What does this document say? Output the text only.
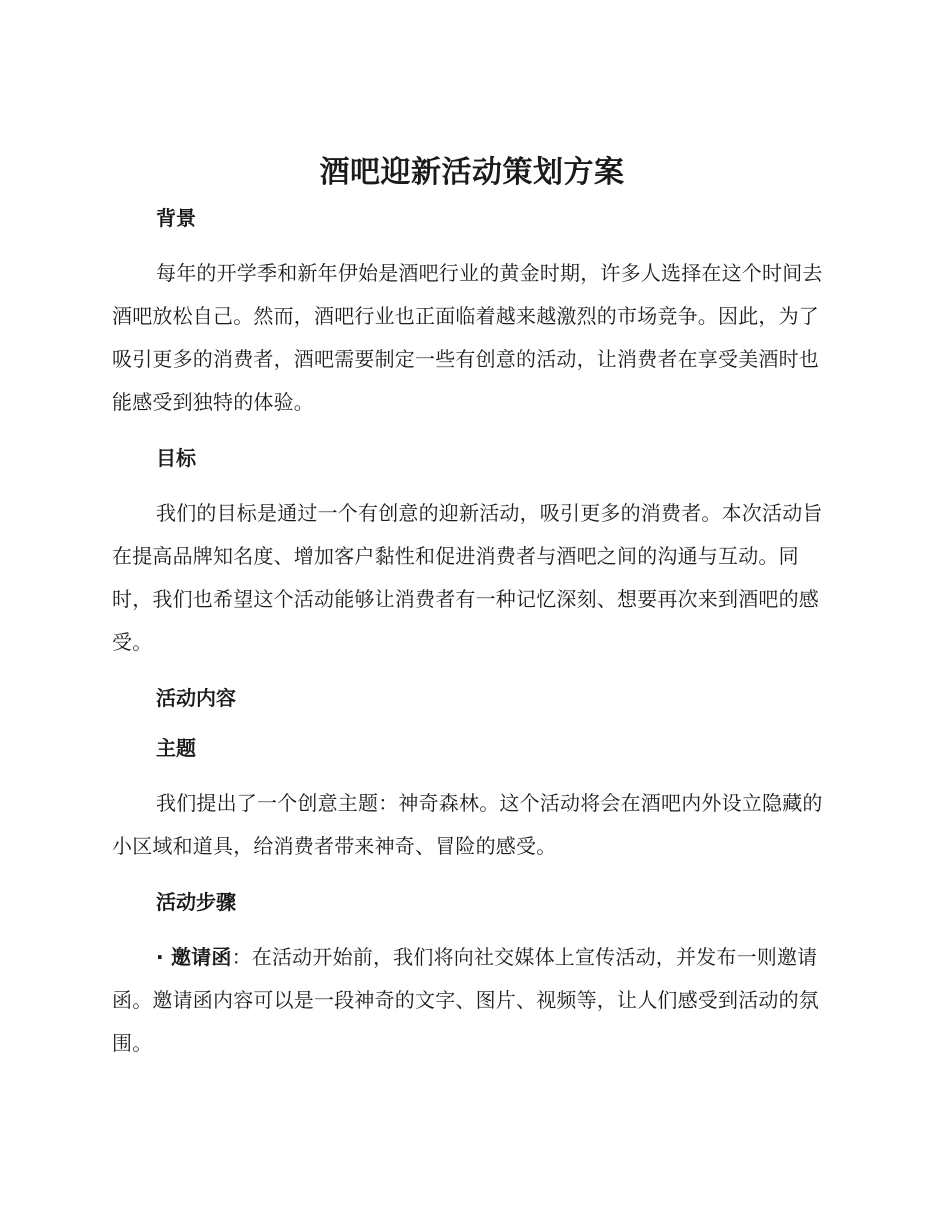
酒吧迎新活动策划方案
背景

每年的开学季和新年伊始是酒吧行业的黄金时期，许多人选择在这个时间去酒吧放松自己。然而，酒吧行业也正面临着越来越激烈的市场竞争。因此，为了吸引更多的消费者，酒吧需要制定一些有创意的活动，让消费者在享受美酒时也能感受到独特的体验。

目标

我们的目标是通过一个有创意的迎新活动，吸引更多的消费者。本次活动旨在提高品牌知名度、增加客户黏性和促进消费者与酒吧之间的沟通与互动。同时，我们也希望这个活动能够让消费者有一种记忆深刻、想要再次来到酒吧的感受。

活动内容
主题

我们提出了一个创意主题：神奇森林。这个活动将会在酒吧内外设立隐藏的小区域和道具，给消费者带来神奇、冒险的感受。

活动步骤

· 邀请函：在活动开始前，我们将向社交媒体上宣传活动，并发布一则邀请函。邀请函内容可以是一段神奇的文字、图片、视频等，让人们感受到活动的氛围。
